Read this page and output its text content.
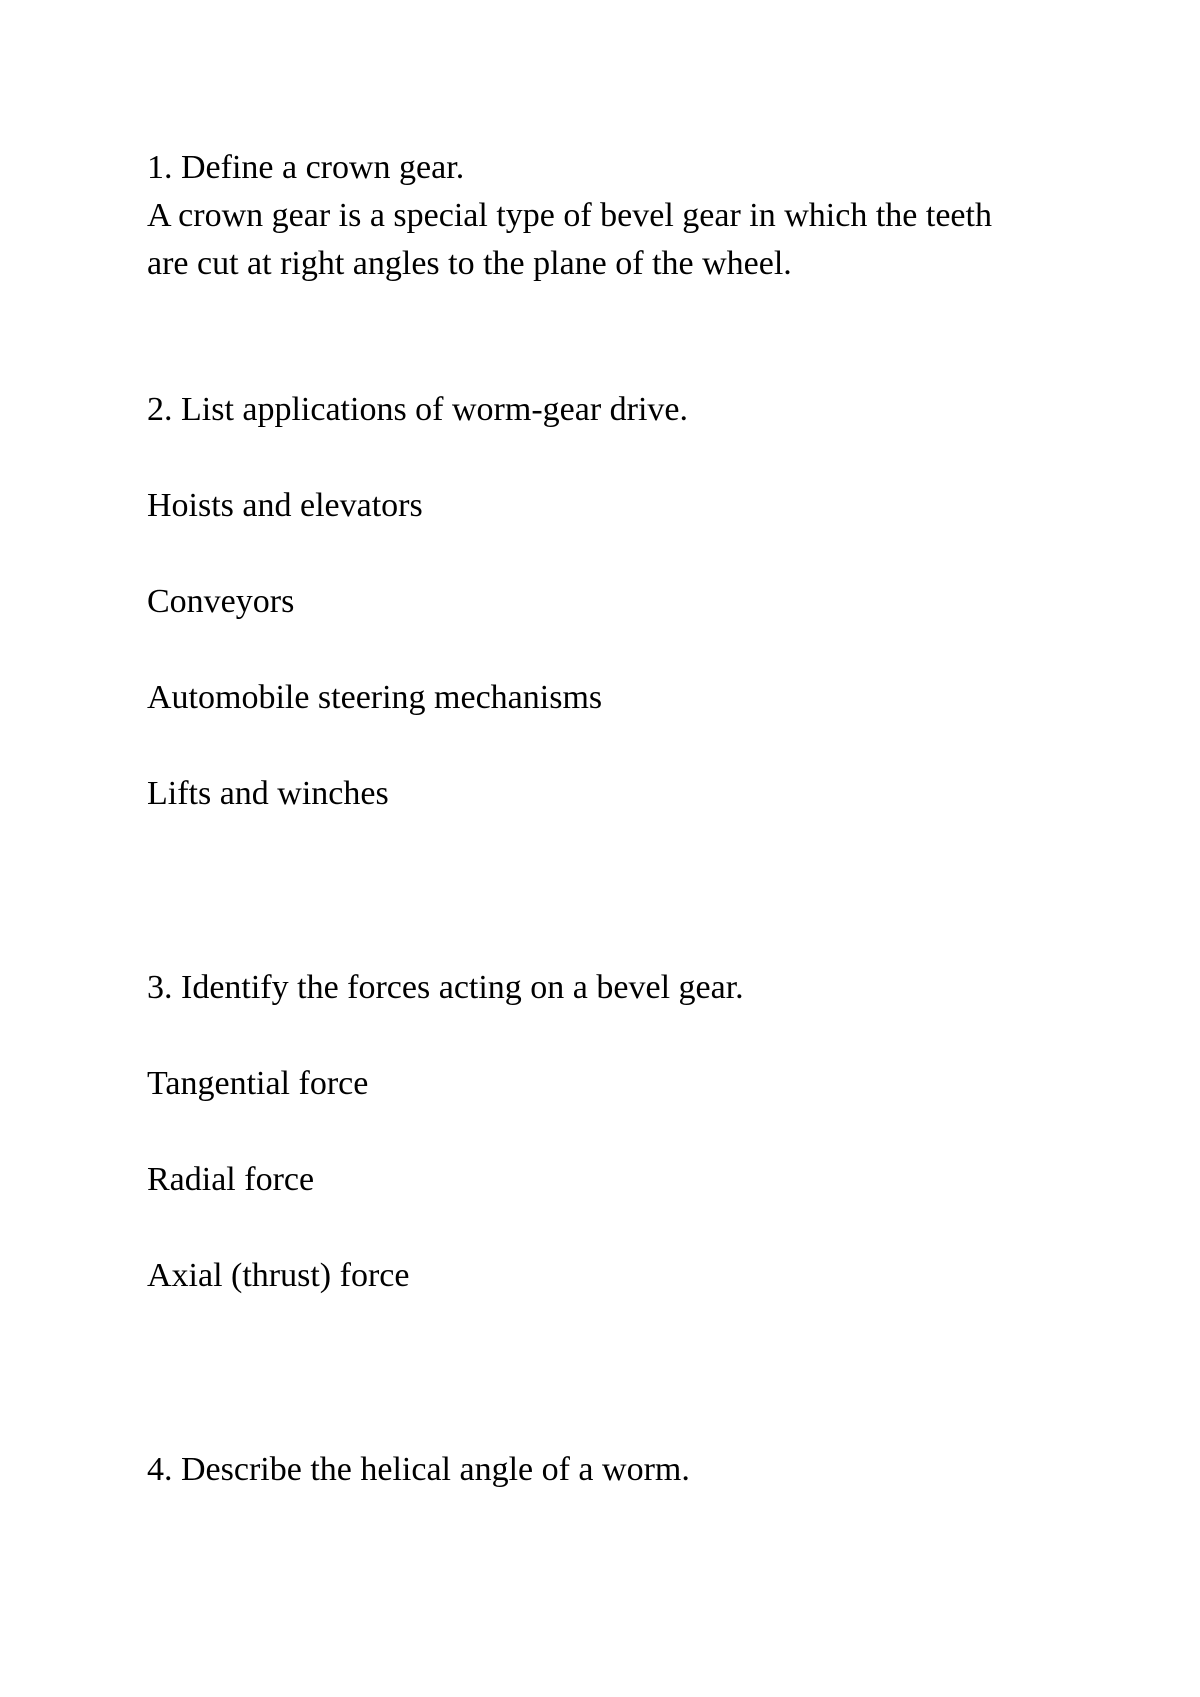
1. Define a crown gear.
A crown gear is a special type of bevel gear in which the teeth
are cut at right angles to the plane of the wheel.
2. List applications of worm-gear drive.
Hoists and elevators
Conveyors
Automobile steering mechanisms
Lifts and winches
3. Identify the forces acting on a bevel gear.
Tangential force
Radial force
Axial (thrust) force
4. Describe the helical angle of a worm.
